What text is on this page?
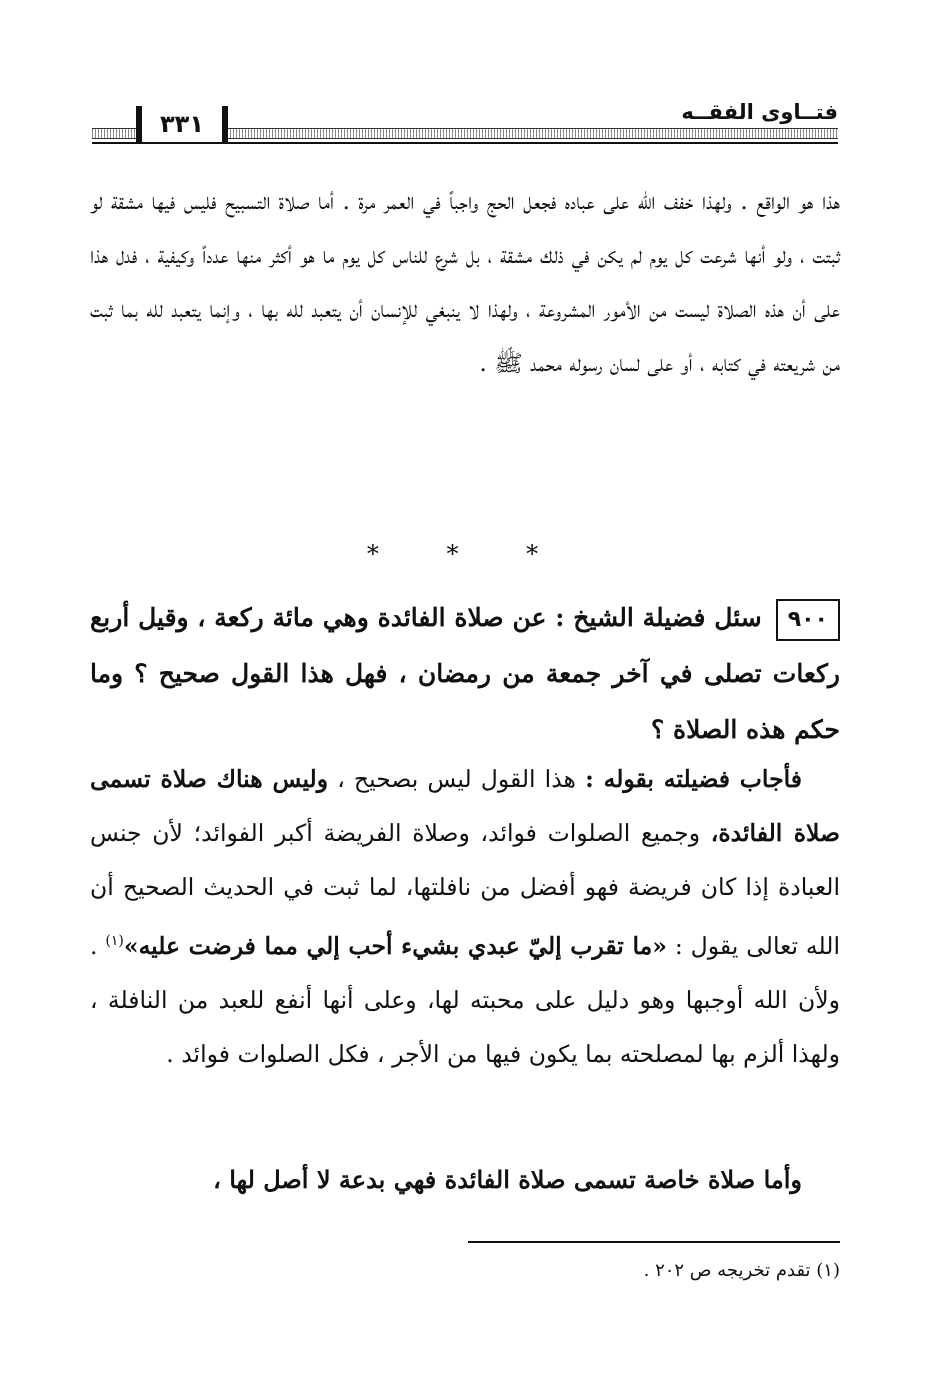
٣٣١	فتــاوى الفقــه

هذا هو الواقع . ولهذا خفف الله على عباده فجعل الحج واجباً في العمر مرة . أما صلاة التسبيح فليس فيها مشقة لو ثبتت ، ولو أنها شرعت كل يوم لم يكن في ذلك مشقة ، بل شرع للناس كل يوم ما هو أكثر منها عدداً وكيفية ، فدل هذا على أن هذه الصلاة ليست من الأمور المشروعة ، ولهذا لا ينبغي للإنسان أن يتعبد لله بها ، وإنما يتعبد لله بما ثبت من شريعته في كتابه ، أو على لسان رسوله محمد ﷺ .

* * *

٩٠٠سئل فضيلة الشيخ : عن صلاة الفائدة وهي مائة ركعة ، وقيل أربع ركعات تصلى في آخر جمعة من رمضان ، فهل هذا القول صحيح ؟ وما حكم هذه الصلاة ؟

فأجاب فضيلته بقوله : هذا القول ليس بصحيح ، وليس هناك صلاة تسمى صلاة الفائدة، وجميع الصلوات فوائد، وصلاة الفريضة أكبر الفوائد؛ لأن جنس العبادة إذا كان فريضة فهو أفضل من نافلتها، لما ثبت في الحديث الصحيح أن الله تعالى يقول : «ما تقرب إليّ عبدي بشيء أحب إلي مما فرضت عليه»$^{(١)}$ . ولأن الله أوجبها وهو دليل على محبته لها، وعلى أنها أنفع للعبد من النافلة ، ولهذا ألزم بها لمصلحته بما يكون فيها من الأجر ، فكل الصلوات فوائد .

وأما صلاة خاصة تسمى صلاة الفائدة فهي بدعة لا أصل لها ،

(١) تقدم تخريجه ص ٢٠٢ .
